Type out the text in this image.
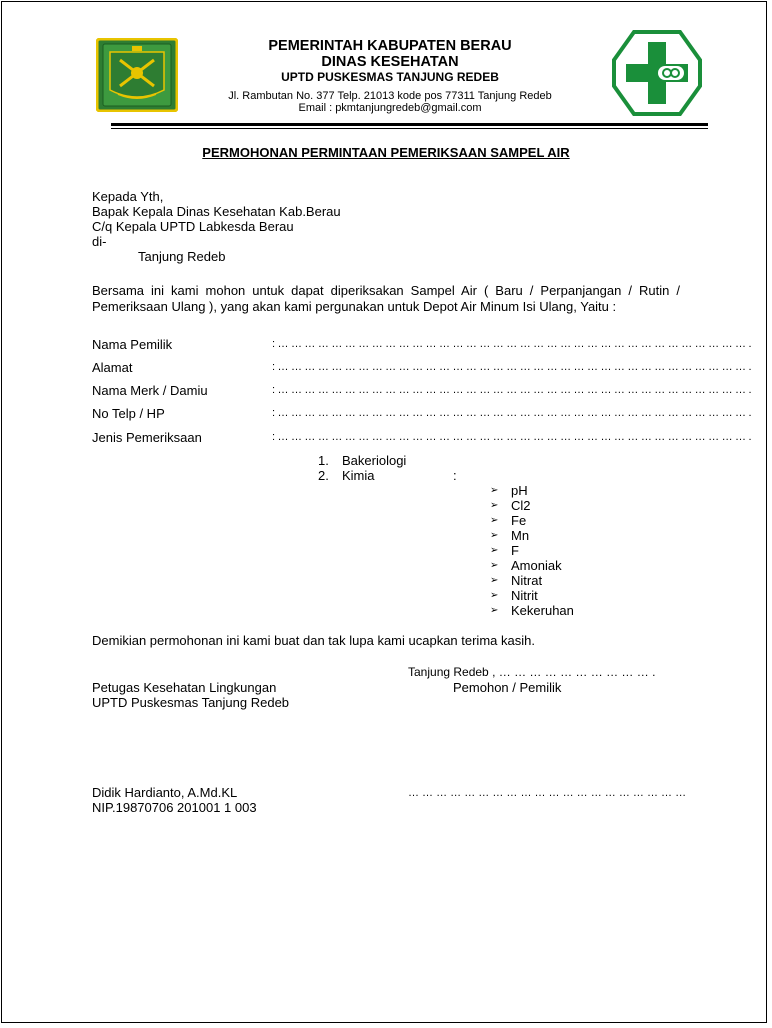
PEMERINTAH KABUPATEN BERAU
DINAS KESEHATAN
UPTD PUSKESMAS TANJUNG REDEB
Jl. Rambutan No. 377 Telp. 21013 kode pos 77311 Tanjung Redeb
Email : pkmtanjungredeb@gmail.com
PERMOHONAN PERMINTAAN PEMERIKSAAN SAMPEL AIR
Kepada Yth,
Bapak Kepala Dinas Kesehatan Kab.Berau
C/q Kepala UPTD Labkesda Berau
di-
Tanjung Redeb
Bersama ini kami mohon untuk dapat diperiksakan Sampel Air ( Baru / Perpanjangan / Rutin / Pemeriksaan Ulang ), yang akan kami pergunakan untuk Depot Air Minum Isi Ulang, Yaitu :
Nama Pemilik	: … … … … … … … … … … … … … … … … … … … … … … … … … … … … … … … … … … … .
Alamat	: … … … … … … … … … … … … … … … … … … … … … … … … … … … … … … … … … … … .
Nama Merk / Damiu	: … … … … … … … … … … … … … … … … … … … … … … … … … … … … … … … … … … … .
No Telp / HP	: … … … … … … … … … … … … … … … … … … … … … … … … … … … … … … … … … … … .
Jenis Pemeriksaan	: … … … … … … … … … … … … … … … … … … … … … … … … … … … … … … … … … … … .
1. Bakeriologi
2. Kimia	:
➢ pH
➢ Cl2
➢ Fe
➢ Mn
➢ F
➢ Amoniak
➢ Nitrat
➢ Nitrit
➢ Kekeruhan
Demikian permohonan ini kami buat dan tak lupa kami ucapkan terima kasih.
Tanjung Redeb , … … … … … … … … … … .
Petugas Kesehatan Lingkungan	Pemohon / Pemilik
UPTD Puskesmas Tanjung Redeb
Didik Hardianto, A.Md.KL	… … … … … … … … … … … … … … … … … … … …
NIP.19870706 201001 1 003
